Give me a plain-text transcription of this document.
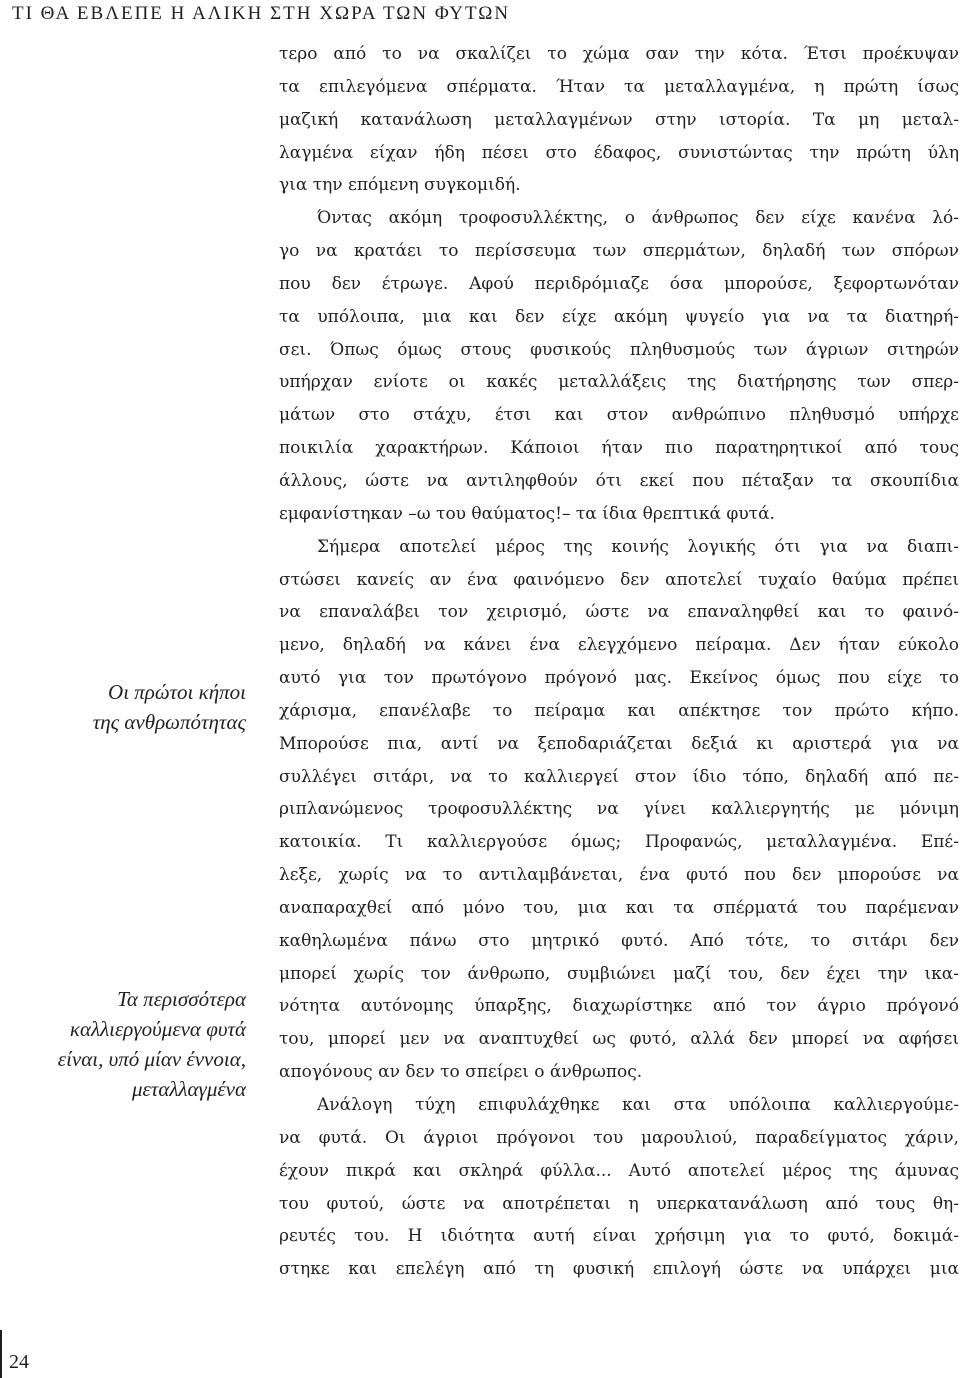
ΤΙ ΘΑ ΕΒΛΕΠΕ Η ΑΛΙΚΗ ΣΤΗ ΧΩΡΑ ΤΩΝ ΦΥΤΩΝ
Οι πρώτοι κήποι
της ανθρωπότητας
Τα περισσότερα
καλλιεργούμενα φυτά
είναι, υπό μίαν έννοια,
μεταλλαγμένα
τερο από το να σκαλίζει το χώμα σαν την κότα. Έτσι προέκυψαν
τα επιλεγόμενα σπέρματα. Ήταν τα μεταλλαγμένα, η πρώτη ίσως
μαζική κατανάλωση μεταλλαγμένων στην ιστορία. Τα μη μεταλ-
λαγμένα είχαν ήδη πέσει στο έδαφος, συνιστώντας την πρώτη ύλη
για την επόμενη συγκομιδή.
Όντας ακόμη τροφοσυλλέκτης, ο άνθρωπος δεν είχε κανένα λό-
γο να κρατάει το περίσσευμα των σπερμάτων, δηλαδή των σπόρων
που δεν έτρωγε. Αφού περιδρόμιαζε όσα μπορούσε, ξεφορτωνόταν
τα υπόλοιπα, μια και δεν είχε ακόμη ψυγείο για να τα διατηρή-
σει. Όπως όμως στους φυσικούς πληθυσμούς των άγριων σιτηρών
υπήρχαν ενίοτε οι κακές μεταλλάξεις της διατήρησης των σπερ-
μάτων στο στάχυ, έτσι και στον ανθρώπινο πληθυσμό υπήρχε
ποικιλία χαρακτήρων. Κάποιοι ήταν πιο παρατηρητικοί από τους
άλλους, ώστε να αντιληφθούν ότι εκεί που πέταξαν τα σκουπίδια
εμφανίστηκαν –ω του θαύματος!– τα ίδια θρεπτικά φυτά.
Σήμερα αποτελεί μέρος της κοινής λογικής ότι για να διαπι-
στώσει κανείς αν ένα φαινόμενο δεν αποτελεί τυχαίο θαύμα πρέπει
να επαναλάβει τον χειρισμό, ώστε να επαναληφθεί και το φαινό-
μενο, δηλαδή να κάνει ένα ελεγχόμενο πείραμα. Δεν ήταν εύκολο
αυτό για τον πρωτόγονο πρόγονό μας. Εκείνος όμως που είχε το
χάρισμα, επανέλαβε το πείραμα και απέκτησε τον πρώτο κήπο.
Μπορούσε πια, αντί να ξεποδαριάζεται δεξιά κι αριστερά για να
συλλέγει σιτάρι, να το καλλιεργεί στον ίδιο τόπο, δηλαδή από πε-
ριπλανώμενος τροφοσυλλέκτης να γίνει καλλιεργητής με μόνιμη
κατοικία. Τι καλλιεργούσε όμως; Προφανώς, μεταλλαγμένα. Επέ-
λεξε, χωρίς να το αντιλαμβάνεται, ένα φυτό που δεν μπορούσε να
αναπαραχθεί από μόνο του, μια και τα σπέρματά του παρέμεναν
καθηλωμένα πάνω στο μητρικό φυτό. Από τότε, το σιτάρι δεν
μπορεί χωρίς τον άνθρωπο, συμβιώνει μαζί του, δεν έχει την ικα-
νότητα αυτόνομης ύπαρξης, διαχωρίστηκε από τον άγριο πρόγονό
του, μπορεί μεν να αναπτυχθεί ως φυτό, αλλά δεν μπορεί να αφήσει
απογόνους αν δεν το σπείρει ο άνθρωπος.
Ανάλογη τύχη επιφυλάχθηκε και στα υπόλοιπα καλλιεργούμε-
να φυτά. Οι άγριοι πρόγονοι του μαρουλιού, παραδείγματος χάριν,
έχουν πικρά και σκληρά φύλλα... Αυτό αποτελεί μέρος της άμυνας
του φυτού, ώστε να αποτρέπεται η υπερκατανάλωση από τους θη-
ρευτές του. Η ιδιότητα αυτή είναι χρήσιμη για το φυτό, δοκιμά-
στηκε και επελέγη από τη φυσική επιλογή ώστε να υπάρχει μια
24
